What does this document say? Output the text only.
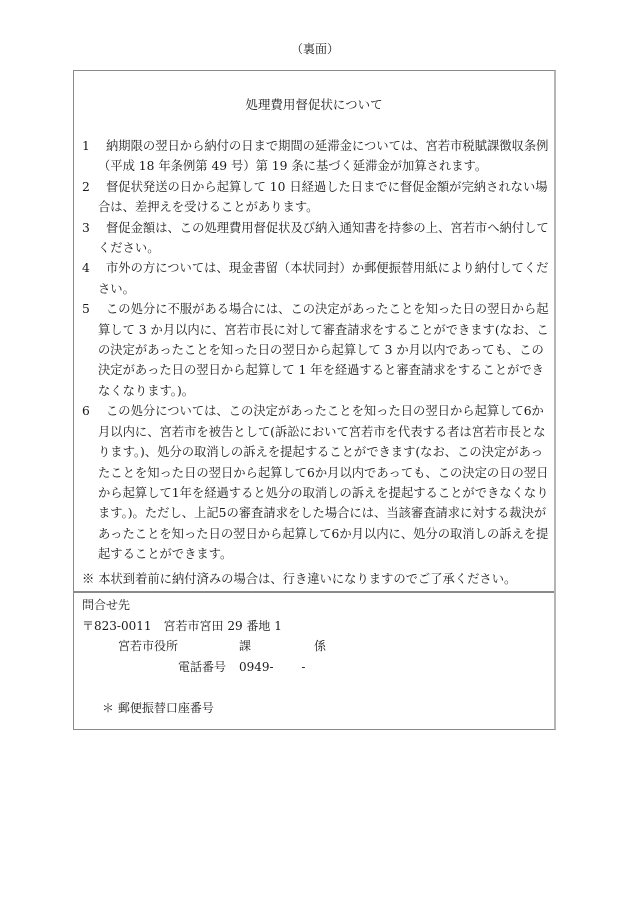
（裏面）
処理費用督促状について
1 納期限の翌日から納付の日まで期間の延滞金については、宮若市税賦課徴収条例（平成 18 年条例第 49 号）第 19 条に基づく延滞金が加算されます。
2 督促状発送の日から起算して 10 日経過した日までに督促金額が完納されない場合は、差押えを受けることがあります。
3 督促金額は、この処理費用督促状及び納入通知書を持参の上、宮若市へ納付してください。
4 市外の方については、現金書留（本状同封）か郵便振替用紙により納付してください。
5 この処分に不服がある場合には、この決定があったことを知った日の翌日から起算して 3 か月以内に、宮若市長に対して審査請求をすることができます(なお、この決定があったことを知った日の翌日から起算して 3 か月以内であっても、この決定があった日の翌日から起算して 1 年を経過すると審査請求をすることができなくなります。)。
6 この処分については、この決定があったことを知った日の翌日から起算して6か月以内に、宮若市を被告として(訴訟において宮若市を代表する者は宮若市長となります。)、処分の取消しの訴えを提起することができます(なお、この決定があったことを知った日の翌日から起算して6か月以内であっても、この決定の日の翌日から起算して1年を経過すると処分の取消しの訴えを提起することができなくなります。)。ただし、上記5の審査請求をした場合には、当該審査請求に対する裁決があったことを知った日の翌日から起算して6か月以内に、処分の取消しの訴えを提起することができます。
※ 本状到着前に納付済みの場合は、行き違いになりますのでご了承ください。
問合せ先
〒823-0011　宮若市宮田 29 番地 1
宮若市役所	課	係
電話番号 0949-　　 -
＊ 郵便振替口座番号
